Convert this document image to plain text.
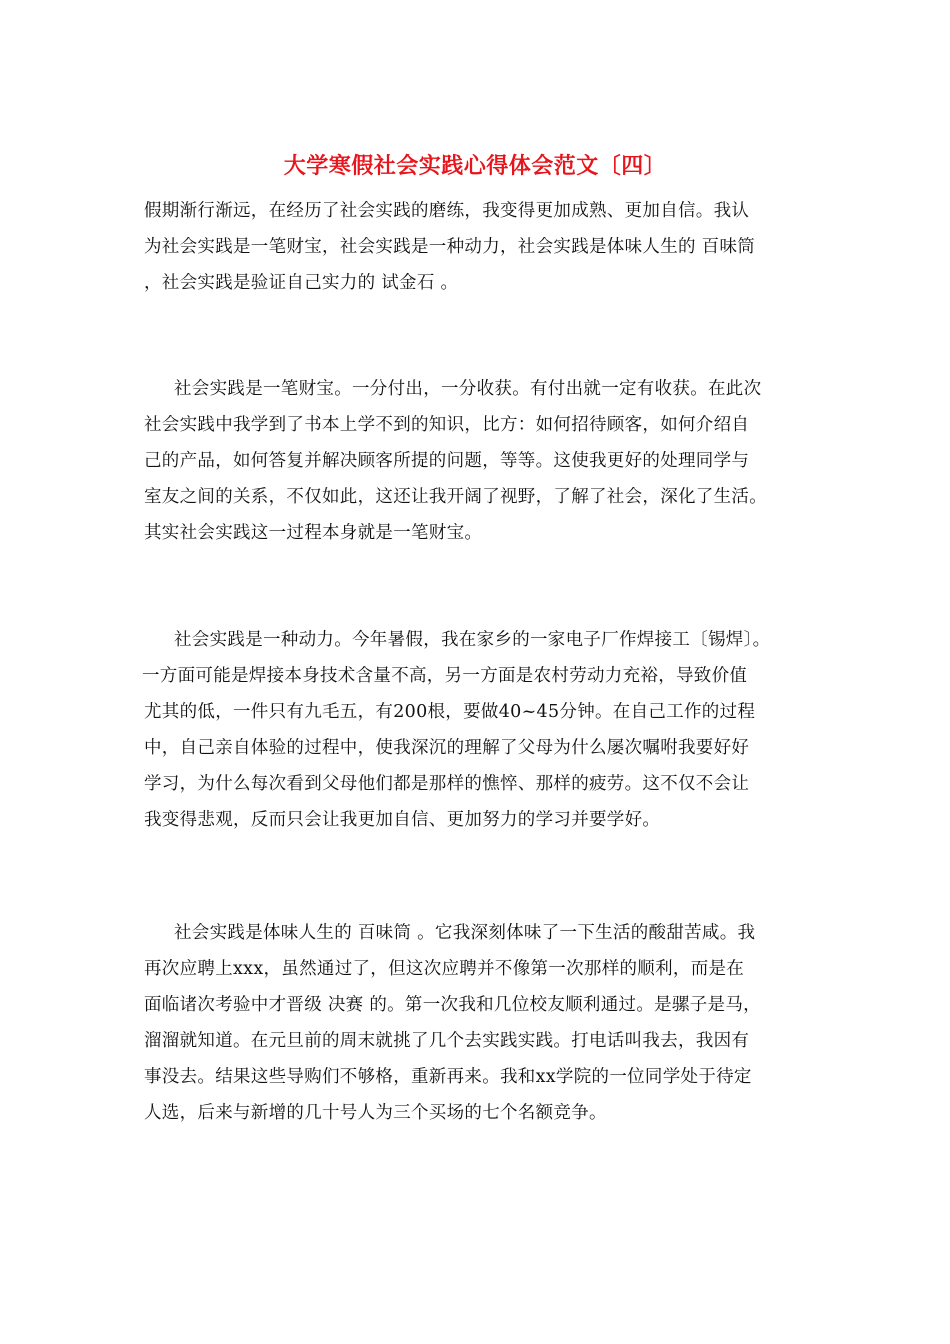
大学寒假社会实践心得体会范文〔四〕
假期渐行渐远，在经历了社会实践的磨练，我变得更加成熟、更加自信。我认
为社会实践是一笔财宝，社会实践是一种动力，社会实践是体味人生的 百味筒
，社会实践是验证自己实力的 试金石 。
社会实践是一笔财宝。一分付出，一分收获。有付出就一定有收获。在此次
社会实践中我学到了书本上学不到的知识，比方：如何招待顾客，如何介绍自
己的产品，如何答复并解决顾客所提的问题，等等。这使我更好的处理同学与
室友之间的关系，不仅如此，这还让我开阔了视野，了解了社会，深化了生活。
其实社会实践这一过程本身就是一笔财宝。
社会实践是一种动力。今年暑假，我在家乡的一家电子厂作焊接工〔锡焊〕。
一方面可能是焊接本身技术含量不高，另一方面是农村劳动力充裕，导致价值
尤其的低，一件只有九毛五，有200根，要做40~45分钟。在自己工作的过程
中，自己亲自体验的过程中，使我深沉的理解了父母为什么屡次嘱咐我要好好
学习，为什么每次看到父母他们都是那样的憔悴、那样的疲劳。这不仅不会让
我变得悲观，反而只会让我更加自信、更加努力的学习并要学好。
社会实践是体味人生的 百味筒 。它我深刻体味了一下生活的酸甜苦咸。我
再次应聘上xxx，虽然通过了，但这次应聘并不像第一次那样的顺利，而是在
面临诸次考验中才晋级 决赛 的。第一次我和几位校友顺利通过。是骡子是马，
溜溜就知道。在元旦前的周末就挑了几个去实践实践。打电话叫我去，我因有
事没去。结果这些导购们不够格，重新再来。我和xx学院的一位同学处于待定
人选，后来与新增的几十号人为三个买场的七个名额竞争。
